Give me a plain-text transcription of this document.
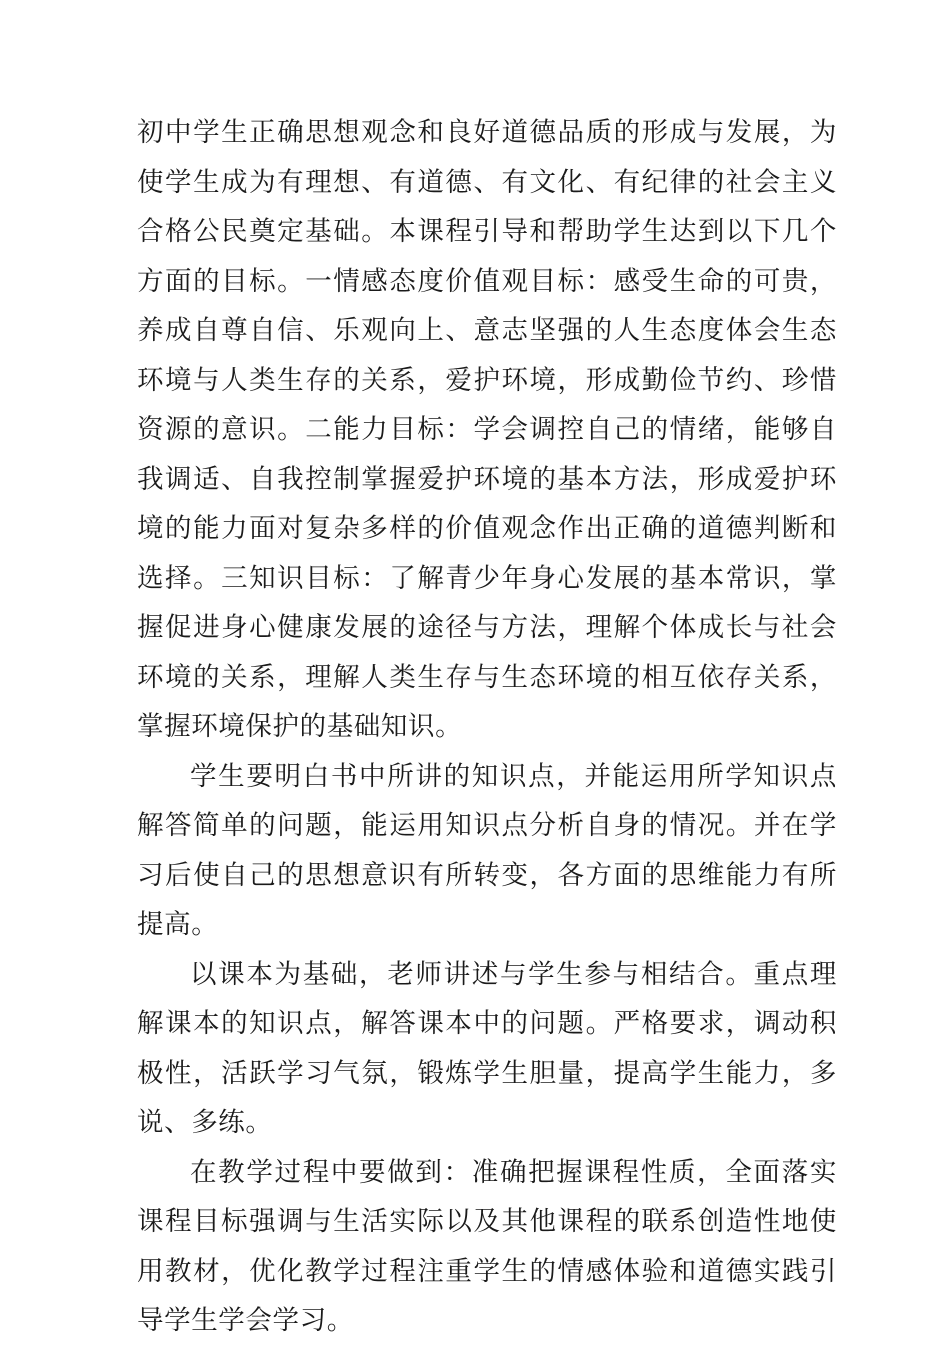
初中学生正确思想观念和良好道德品质的形成与发展，为使学生成为有理想、有道德、有文化、有纪律的社会主义合格公民奠定基础。本课程引导和帮助学生达到以下几个方面的目标。一情感态度价值观目标：感受生命的可贵，养成自尊自信、乐观向上、意志坚强的人生态度体会生态环境与人类生存的关系，爱护环境，形成勤俭节约、珍惜资源的意识。二能力目标：学会调控自己的情绪，能够自我调适、自我控制掌握爱护环境的基本方法，形成爱护环境的能力面对复杂多样的价值观念作出正确的道德判断和选择。三知识目标：了解青少年身心发展的基本常识，掌握促进身心健康发展的途径与方法，理解个体成长与社会环境的关系，理解人类生存与生态环境的相互依存关系，掌握环境保护的基础知识。

学生要明白书中所讲的知识点，并能运用所学知识点解答简单的问题，能运用知识点分析自身的情况。并在学习后使自己的思想意识有所转变，各方面的思维能力有所提高。

以课本为基础，老师讲述与学生参与相结合。重点理解课本的知识点，解答课本中的问题。严格要求，调动积极性，活跃学习气氛，锻炼学生胆量，提高学生能力，多说、多练。

在教学过程中要做到：准确把握课程性质，全面落实课程目标强调与生活实际以及其他课程的联系创造性地使用教材，优化教学过程注重学生的情感体验和道德实践引导学生学会学习。
